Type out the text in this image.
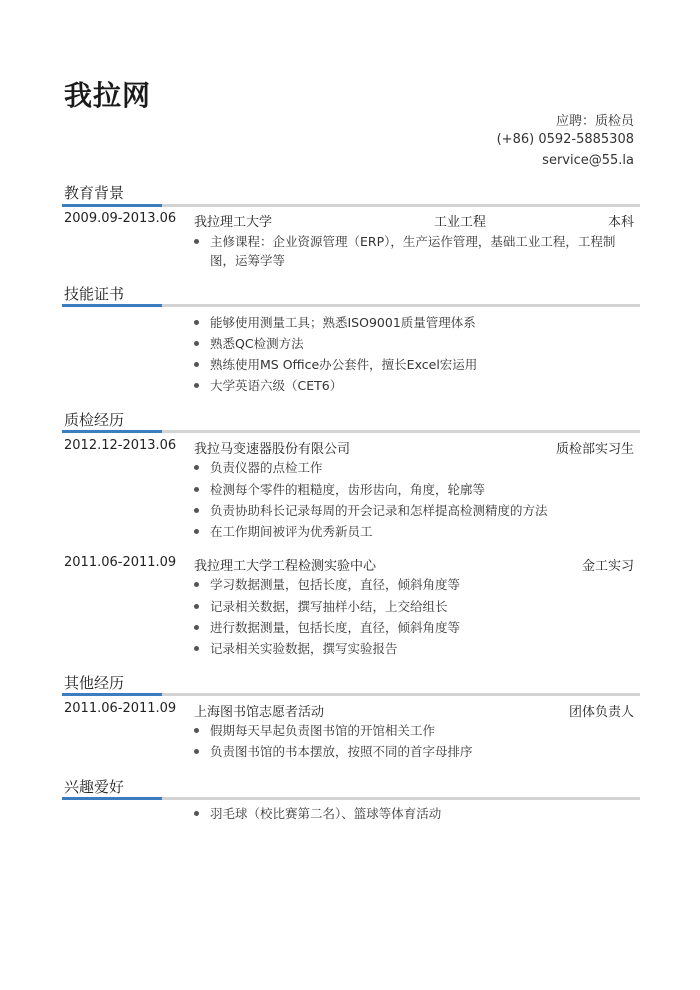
我拉网
应聘：质检员
(+86) 0592-5885308
service@55.la
教育背景
2009.09-2013.06 我拉理工大学	工业工程	本科
主修课程：企业资源管理（ERP），生产运作管理，基础工业工程，工程制图，运筹学等
技能证书
能够使用测量工具；熟悉ISO9001质量管理体系
熟悉QC检测方法
熟练使用MS Office办公套件，擅长Excel宏运用
大学英语六级（CET6）
质检经历
2012.12-2013.06 我拉马变速器股份有限公司	质检部实习生
负责仪器的点检工作
检测每个零件的粗糙度，齿形齿向，角度，轮廓等
负责协助科长记录每周的开会记录和怎样提高检测精度的方法
在工作期间被评为优秀新员工
2011.06-2011.09 我拉理工大学工程检测实验中心	金工实习
学习数据测量，包括长度，直径，倾斜角度等
记录相关数据，撰写抽样小结，上交给组长
进行数据测量，包括长度，直径，倾斜角度等
记录相关实验数据，撰写实验报告
其他经历
2011.06-2011.09 上海图书馆志愿者活动	团体负责人
假期每天早起负责图书馆的开馆相关工作
负责图书馆的书本摆放，按照不同的首字母排序
兴趣爱好
羽毛球（校比赛第二名）、篮球等体育活动
